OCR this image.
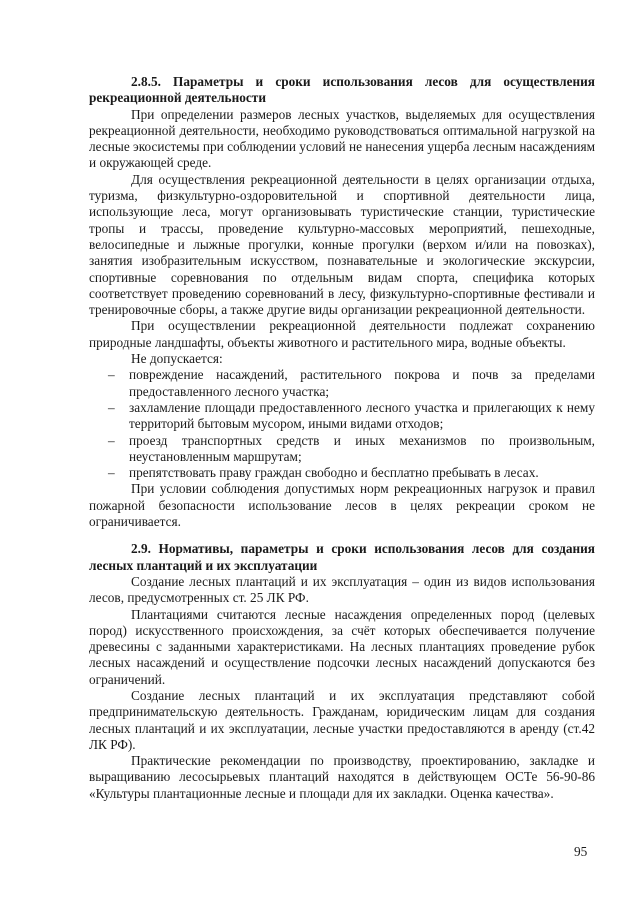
2.8.5. Параметры и сроки использования лесов для осуществления рекреационной деятельности

При определении размеров лесных участков, выделяемых для осуществления рекреационной деятельности, необходимо руководствоваться оптимальной нагрузкой на лесные экосистемы при соблюдении условий не нанесения ущерба лесным насаждениям и окружающей среде.

Для осуществления рекреационной деятельности в целях организации отдыха, туризма, физкультурно-оздоровительной и спортивной деятельности лица, использующие леса, могут организовывать туристические станции, туристические тропы и трассы, проведение культурно-массовых мероприятий, пешеходные, велосипедные и лыжные прогулки, конные прогулки (верхом и/или на повозках), занятия изобразительным искусством, познавательные и экологические экскурсии, спортивные соревнования по отдельным видам спорта, специфика которых соответствует проведению соревнований в лесу, физкультурно-спортивные фестивали и тренировочные сборы, а также другие виды организации рекреационной деятельности.

При осуществлении рекреационной деятельности подлежат сохранению природные ландшафты, объекты животного и растительного мира, водные объекты.

Не допускается:

– повреждение насаждений, растительного покрова и почв за пределами предоставленного лесного участка;
– захламление площади предоставленного лесного участка и прилегающих к нему территорий бытовым мусором, иными видами отходов;
– проезд транспортных средств и иных механизмов по произвольным, неустановленным маршрутам;
– препятствовать праву граждан свободно и бесплатно пребывать в лесах.

При условии соблюдения допустимых норм рекреационных нагрузок и правил пожарной безопасности использование лесов в целях рекреации сроком не ограничивается.

2.9. Нормативы, параметры и сроки использования лесов для создания лесных плантаций и их эксплуатации

Создание лесных плантаций и их эксплуатация – один из видов использования лесов, предусмотренных ст. 25 ЛК РФ.

Плантациями считаются лесные насаждения определенных пород (целевых пород) искусственного происхождения, за счёт которых обеспечивается получение древесины с заданными характеристиками. На лесных плантациях проведение рубок лесных насаждений и осуществление подсочки лесных насаждений допускаются без ограничений.

Создание лесных плантаций и их эксплуатация представляют собой предпринимательскую деятельность. Гражданам, юридическим лицам для создания лесных плантаций и их эксплуатации, лесные участки предоставляются в аренду (ст.42 ЛК РФ).

Практические рекомендации по производству, проектированию, закладке и выращиванию лесосырьевых плантаций находятся в действующем ОСТе 56-90-86 «Культуры плантационные лесные и площади для их закладки. Оценка качества».

95
